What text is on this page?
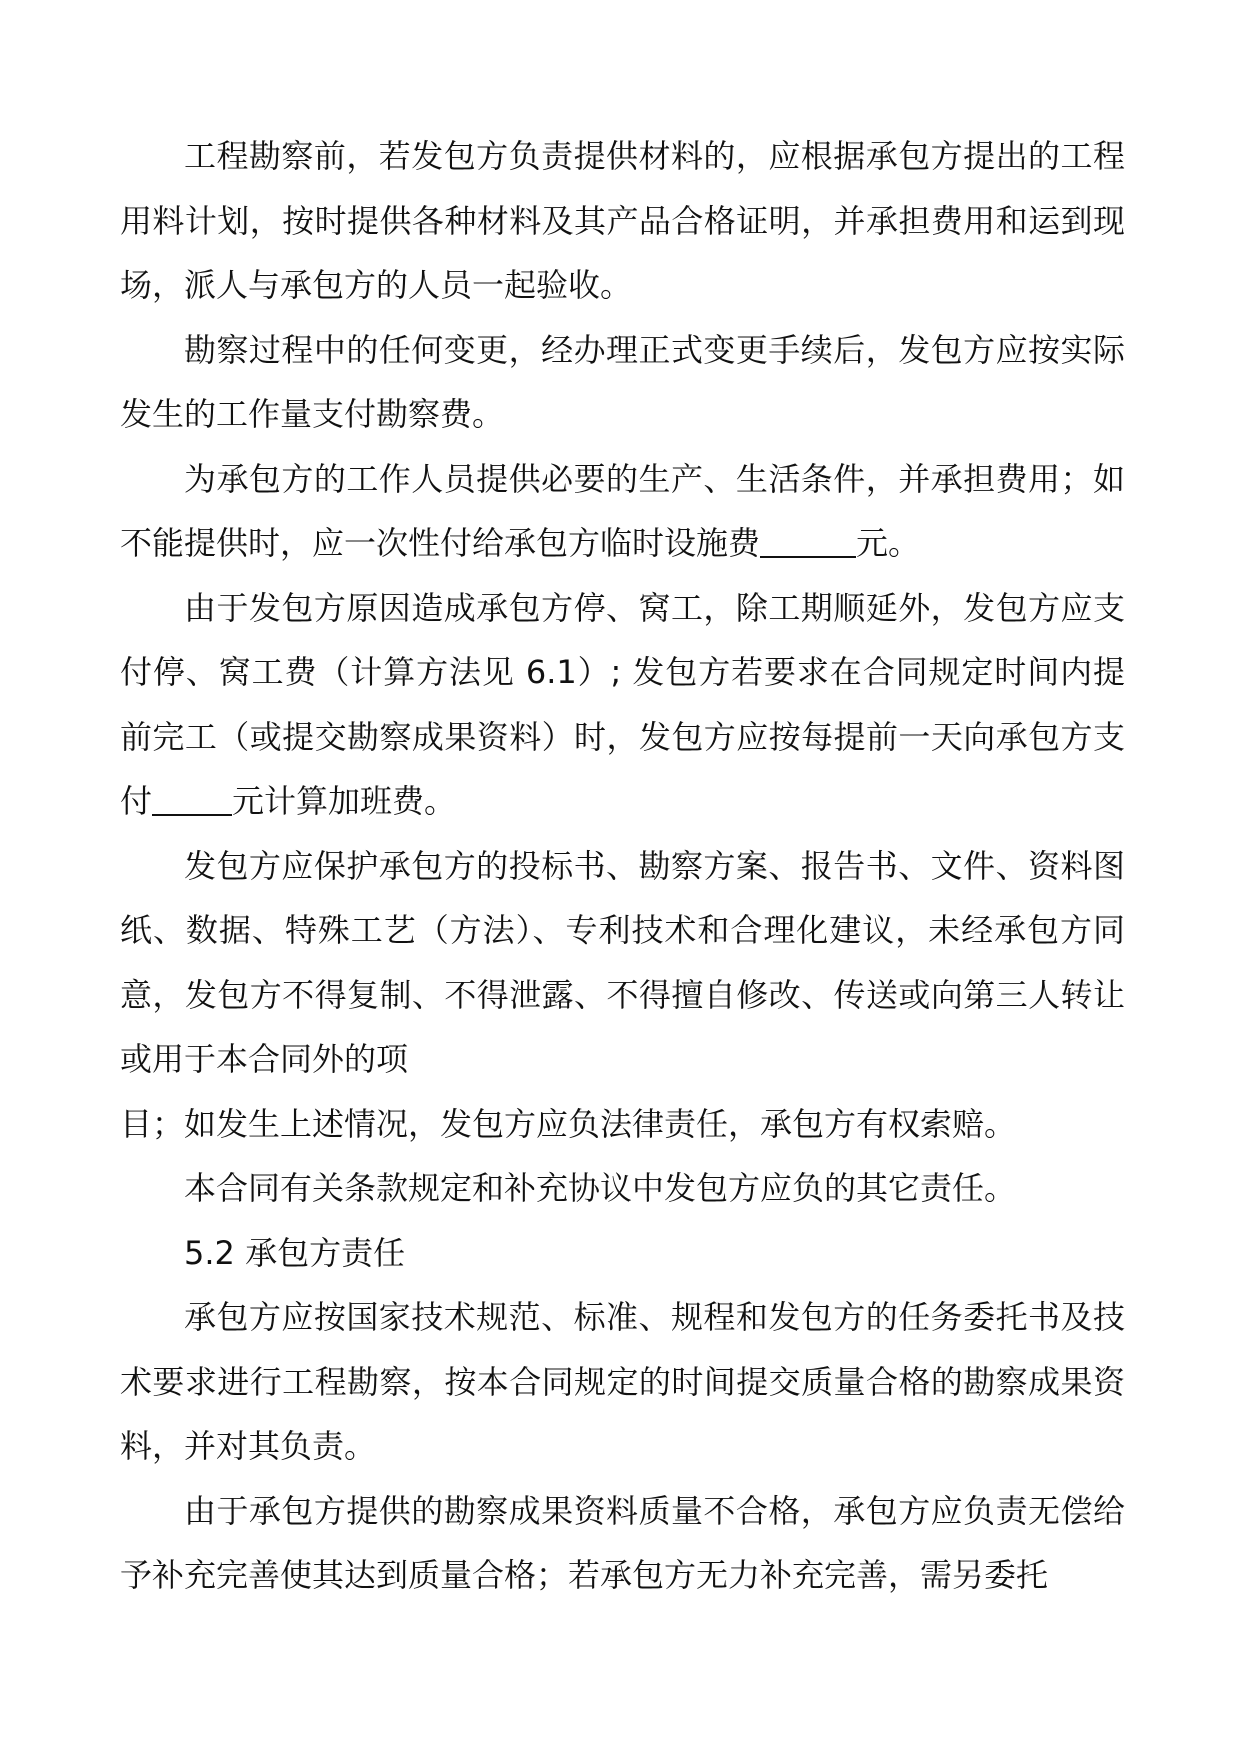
工程勘察前，若发包方负责提供材料的，应根据承包方提出的工程用料计划，按时提供各种材料及其产品合格证明，并承担费用和运到现场，派人与承包方的人员一起验收。

勘察过程中的任何变更，经办理正式变更手续后，发包方应按实际发生的工作量支付勘察费。

为承包方的工作人员提供必要的生产、生活条件，并承担费用；如不能提供时，应一次性付给承包方临时设施费	元。

由于发包方原因造成承包方停、窝工，除工期顺延外，发包方应支付停、窝工费（计算方法见 6.1）; 发包方若要求在合同规定时间内提前完工（或提交勘察成果资料）时，发包方应按每提前一天向承包方支付	元计算加班费。

发包方应保护承包方的投标书、勘察方案、报告书、文件、资料图纸、数据、特殊工艺（方法）、专利技术和合理化建议，未经承包方同意，发包方不得复制、不得泄露、不得擅自修改、传送或向第三人转让或用于本合同外的项

目；如发生上述情况，发包方应负法律责任，承包方有权索赔。

本合同有关条款规定和补充协议中发包方应负的其它责任。

5.2 承包方责任

承包方应按国家技术规范、标准、规程和发包方的任务委托书及技术要求进行工程勘察，按本合同规定的时间提交质量合格的勘察成果资料，并对其负责。

由于承包方提供的勘察成果资料质量不合格，承包方应负责无偿给予补充完善使其达到质量合格；若承包方无力补充完善，需另委托
